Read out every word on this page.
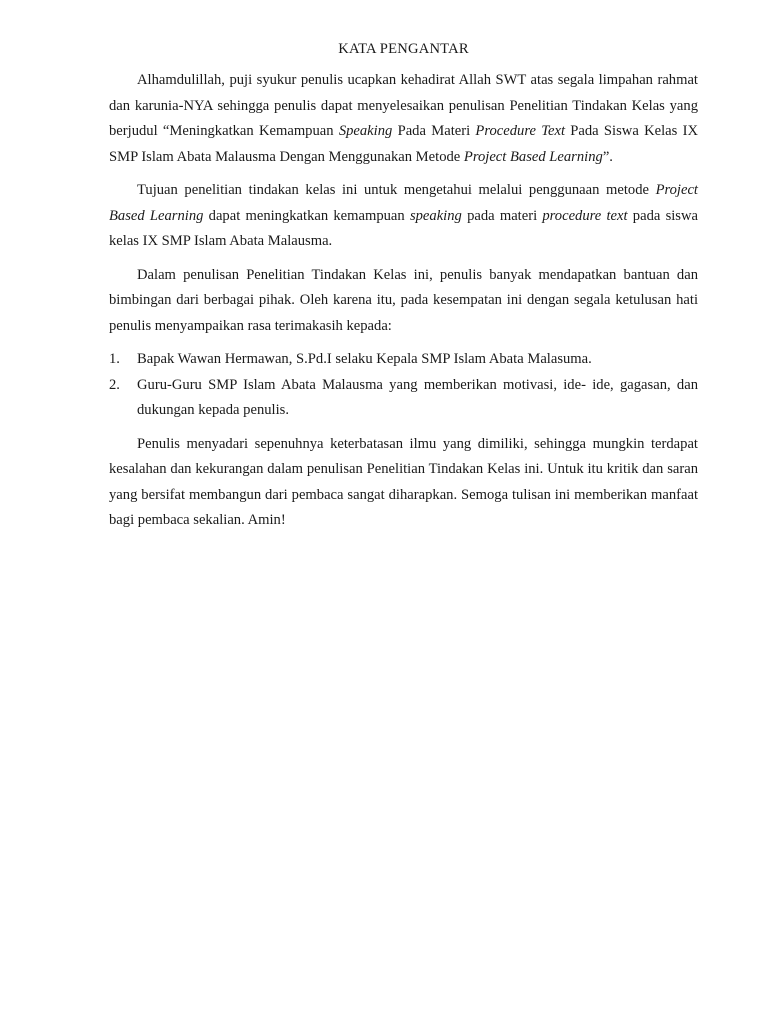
KATA PENGANTAR

Alhamdulillah, puji syukur penulis ucapkan kehadirat Allah SWT atas segala limpahan rahmat dan karunia-NYA sehingga penulis dapat menyelesaikan penulisan Penelitian Tindakan Kelas yang berjudul “Meningkatkan Kemampuan Speaking Pada Materi Procedure Text Pada Siswa Kelas IX SMP Islam Abata Malausma Dengan Menggunakan Metode Project Based Learning”.

Tujuan penelitian tindakan kelas ini untuk mengetahui melalui penggunaan metode Project Based Learning dapat meningkatkan kemampuan speaking pada materi procedure text pada siswa kelas IX SMP Islam Abata Malausma.

Dalam penulisan Penelitian Tindakan Kelas ini, penulis banyak mendapatkan bantuan dan bimbingan dari berbagai pihak. Oleh karena itu, pada kesempatan ini dengan segala ketulusan hati penulis menyampaikan rasa terimakasih kepada:

1. Bapak Wawan Hermawan, S.Pd.I selaku Kepala SMP Islam Abata Malasuma.
2. Guru-Guru SMP Islam Abata Malausma yang memberikan motivasi, ide- ide, gagasan, dan dukungan kepada penulis.

Penulis menyadari sepenuhnya keterbatasan ilmu yang dimiliki, sehingga mungkin terdapat kesalahan dan kekurangan dalam penulisan Penelitian Tindakan Kelas ini. Untuk itu kritik dan saran yang bersifat membangun dari pembaca sangat diharapkan. Semoga tulisan ini memberikan manfaat bagi pembaca sekalian. Amin!
